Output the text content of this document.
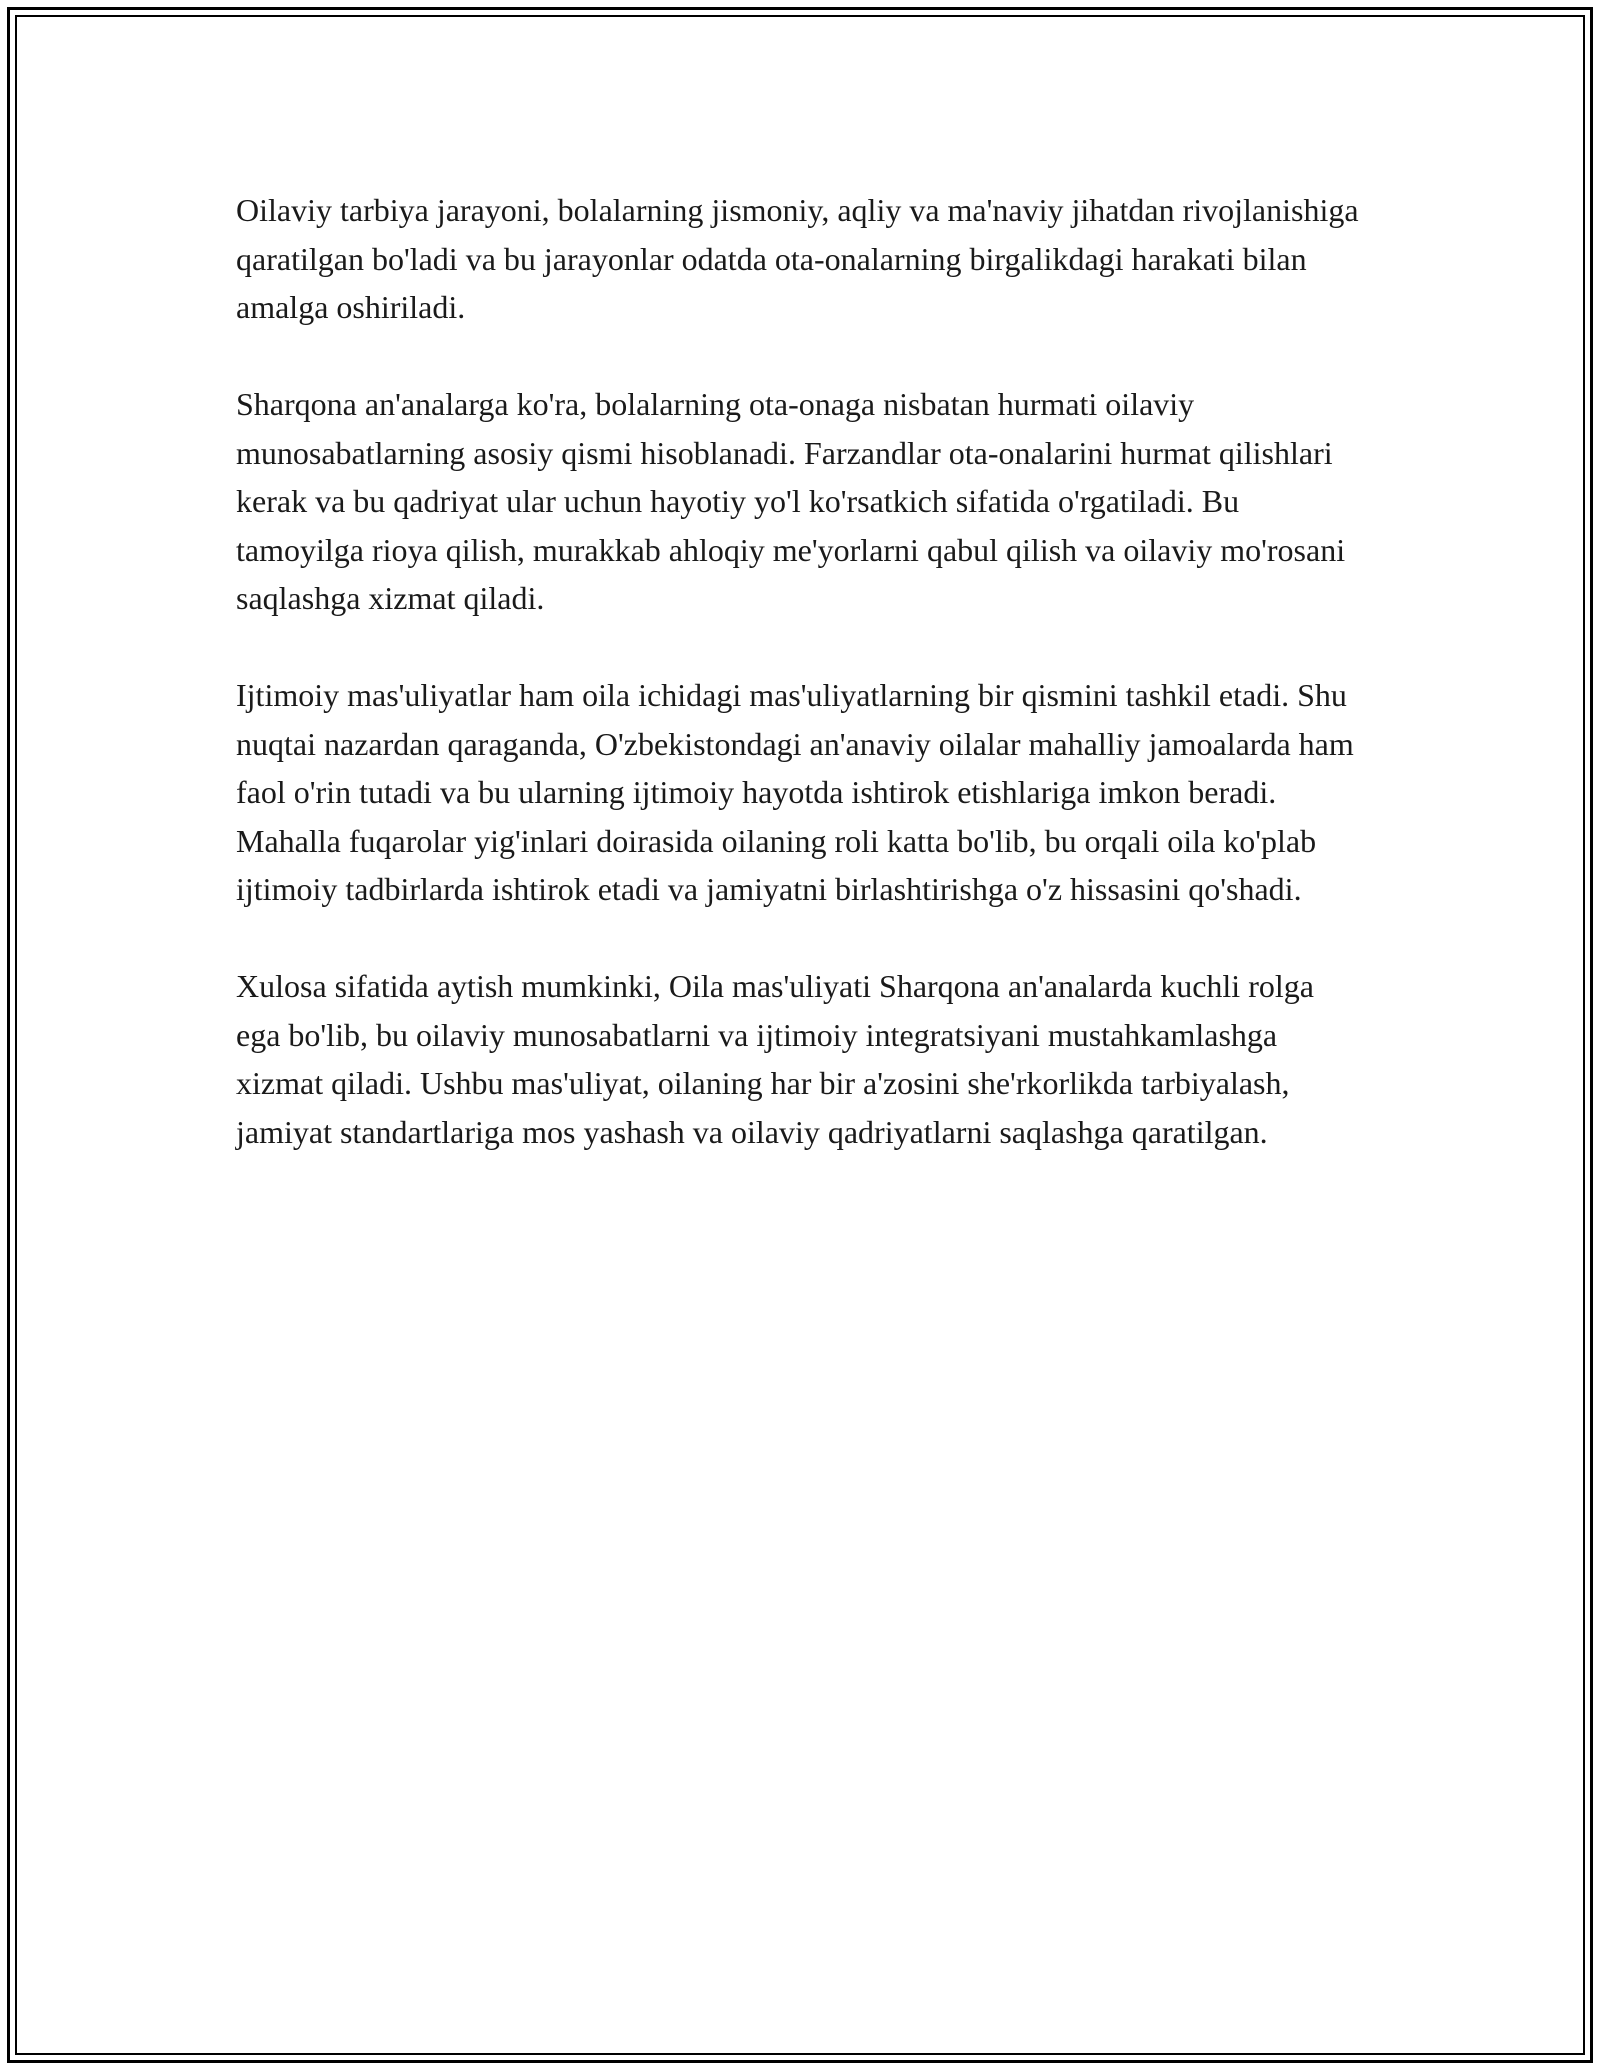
Oilaviy tarbiya jarayoni, bolalarning jismoniy, aqliy va ma'naviy jihatdan rivojlanishiga qaratilgan bo'ladi va bu jarayonlar odatda ota-onalarning birgalikdagi harakati bilan amalga oshiriladi.

Sharqona an'analarga ko'ra, bolalarning ota-onaga nisbatan hurmati oilaviy munosabatlarning asosiy qismi hisoblanadi. Farzandlar ota-onalarini hurmat qilishlari kerak va bu qadriyat ular uchun hayotiy yo'l ko'rsatkich sifatida o'rgatiladi. Bu tamoyilga rioya qilish, murakkab ahloqiy me'yorlarni qabul qilish va oilaviy mo'rosani saqlashga xizmat qiladi.

Ijtimoiy mas'uliyatlar ham oila ichidagi mas'uliyatlarning bir qismini tashkil etadi. Shu nuqtai nazardan qaraganda, O'zbekistondagi an'anaviy oilalar mahalliy jamoalarda ham faol o'rin tutadi va bu ularning ijtimoiy hayotda ishtirok etishlariga imkon beradi. Mahalla fuqarolar yig'inlari doirasida oilaning roli katta bo'lib, bu orqali oila ko'plab ijtimoiy tadbirlarda ishtirok etadi va jamiyatni birlashtirishga o'z hissasini qo'shadi.

Xulosa sifatida aytish mumkinki, Oila mas'uliyati Sharqona an'analarda kuchli rolga ega bo'lib, bu oilaviy munosabatlarni va ijtimoiy integratsiyani mustahkamlashga xizmat qiladi. Ushbu mas'uliyat, oilaning har bir a'zosini she'rkorlikda tarbiyalash, jamiyat standartlariga mos yashash va oilaviy qadriyatlarni saqlashga qaratilgan.
